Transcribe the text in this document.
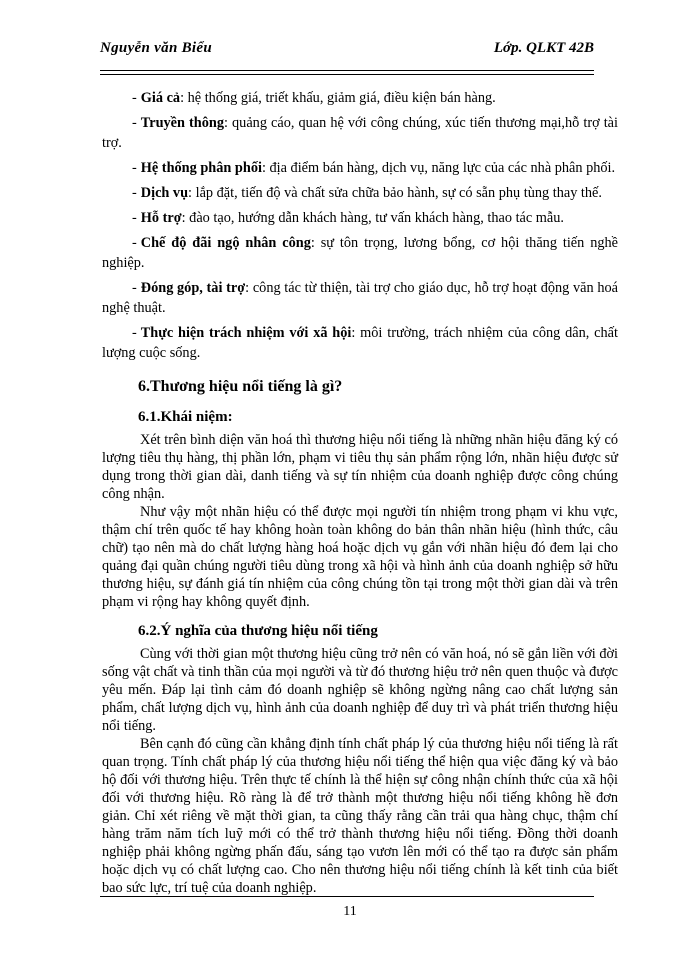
Nguyễn văn Biểu	Lớp. QLKT 42B

- Giá cả: hệ thống giá, triết khấu, giảm giá, điều kiện bán hàng.

- Truyền thông: quảng cáo, quan hệ với công chúng, xúc tiến thương mại,hỗ trợ tài trợ.

- Hệ thống phân phối: địa điểm bán hàng, dịch vụ, năng lực của các nhà phân phối.

- Dịch vụ: lắp đặt, tiến độ và chất sửa chữa bảo hành, sự có sẵn phụ tùng thay thế.

- Hỗ trợ: đào tạo, hướng dẫn khách hàng, tư vấn khách hàng, thao tác mẫu.

- Chế độ đãi ngộ nhân công: sự tôn trọng, lương bổng, cơ hội thăng tiến nghề nghiệp.

- Đóng góp, tài trợ: công tác từ thiện, tài trợ cho giáo dục, hỗ trợ hoạt động văn hoá nghệ thuật.

- Thực hiện trách nhiệm với xã hội: môi trường, trách nhiệm của công dân, chất lượng cuộc sống.

6.Thương hiệu nổi tiếng là gì?
6.1.Khái niệm:

Xét trên bình diện văn hoá thì thương hiệu nổi tiếng là những nhãn hiệu đăng ký có lượng tiêu thụ hàng, thị phần lớn, phạm vi tiêu thụ sản phẩm rộng lớn, nhãn hiệu được sử dụng trong thời gian dài, danh tiếng và sự tín nhiệm của doanh nghiệp được công chúng công nhận.

Như vậy một nhãn hiệu có thể được mọi người tín nhiệm trong phạm vi khu vực, thậm chí trên quốc tế hay không hoàn toàn không do bản thân nhãn hiệu (hình thức, câu chữ) tạo nên mà do chất lượng hàng hoá hoặc dịch vụ gắn với nhãn hiệu đó đem lại cho quảng đại quần chúng người tiêu dùng trong xã hội và hình ảnh của doanh nghiệp sở hữu thương hiệu, sự đánh giá tín nhiệm của công chúng tồn tại trong một thời gian dài và trên phạm vi rộng hay không quyết định.

6.2.Ý nghĩa của thương hiệu nổi tiếng

Cùng với thời gian một thương hiệu cũng trở nên có văn hoá, nó sẽ gắn liền với đời sống vật chất và tinh thần của mọi người và từ đó thương hiệu trở nên quen thuộc và được yêu mến. Đáp lại tình cảm đó doanh nghiệp sẽ không ngừng nâng cao chất lượng sản phẩm, chất lượng dịch vụ, hình ảnh của doanh nghiệp để duy trì và phát triển thương hiệu nổi tiếng.

Bên cạnh đó cũng cần khẳng định tính chất pháp lý của thương hiệu nổi tiếng là rất quan trọng. Tính chất pháp lý của thương hiệu nổi tiếng thể hiện qua việc đăng ký và bảo hộ đối với thương hiệu. Trên thực tế chính là thể hiện sự công nhận chính thức của xã hội đối với thương hiệu. Rõ ràng là để trở thành một thương hiệu nổi tiếng không hề đơn giản. Chỉ xét riêng về mặt thời gian, ta cũng thấy rằng cần trải qua hàng chục, thậm chí hàng trăm năm tích luỹ mới có thể trở thành thương hiệu nổi tiếng. Đồng thời doanh nghiệp phải không ngừng phấn đấu, sáng tạo vươn lên mới có thể tạo ra được sản phẩm hoặc dịch vụ có chất lượng cao. Cho nên thương hiệu nổi tiếng chính là kết tinh của biết bao sức lực, trí tuệ của doanh nghiệp.

11
